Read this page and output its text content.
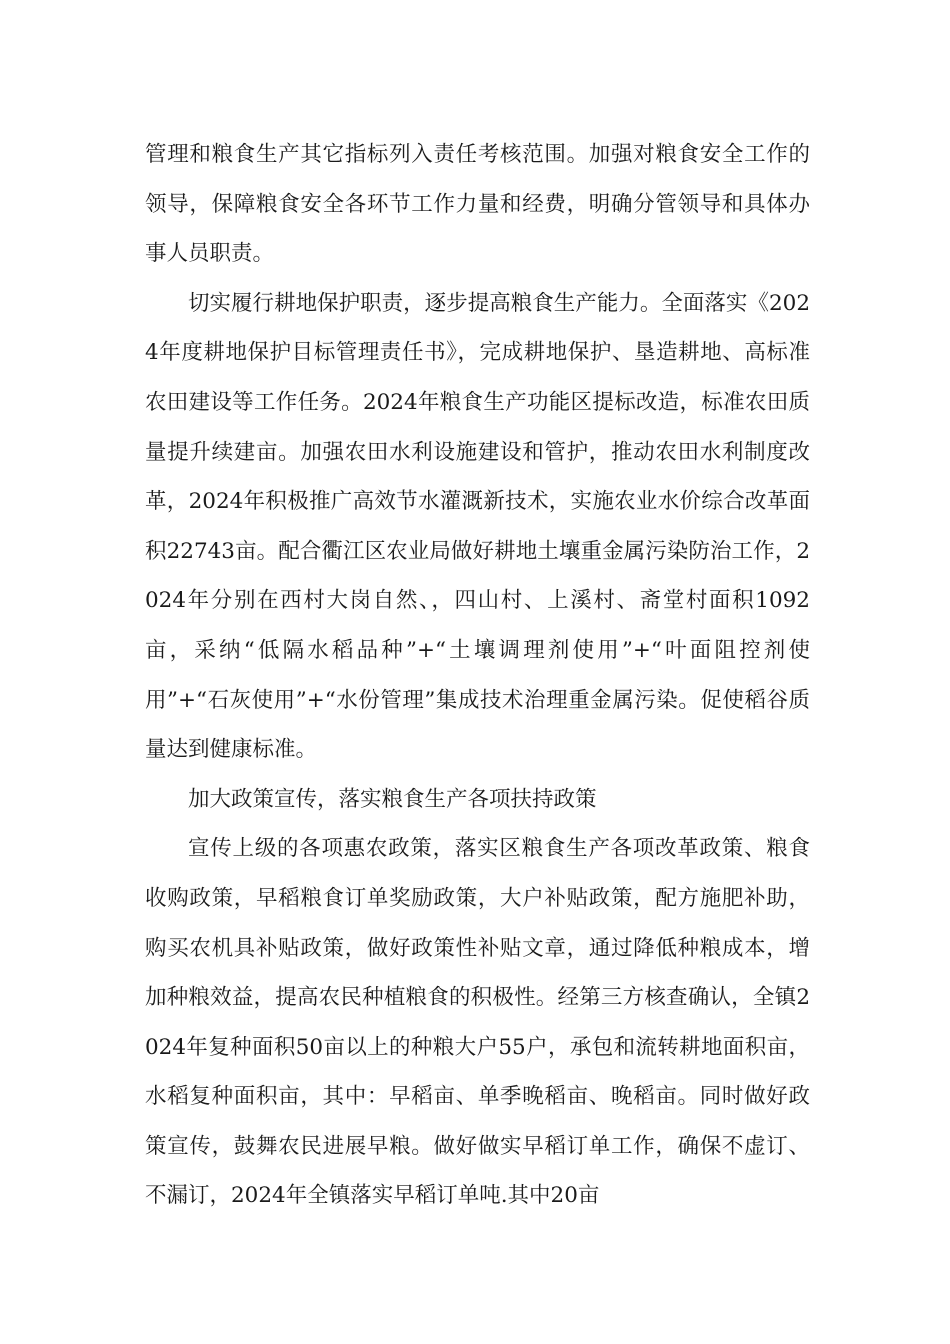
管理和粮食生产其它指标列入责任考核范围。加强对粮食安全工作的领导，保障粮食安全各环节工作力量和经费，明确分管领导和具体办事人员职责。

切实履行耕地保护职责，逐步提高粮食生产能力。全面落实《2024年度耕地保护目标管理责任书》，完成耕地保护、垦造耕地、高标准农田建设等工作任务。2024年粮食生产功能区提标改造，标准农田质量提升续建亩。加强农田水利设施建设和管护，推动农田水利制度改革，2024年积极推广高效节水灌溉新技术，实施农业水价综合改革面积22743亩。配合衢江区农业局做好耕地土壤重金属污染防治工作，2024年分别在西村大岗自然、，四山村、上溪村、斋堂村面积1092亩，采纳“低隔水稻品种”+“土壤调理剂使用”+“叶面阻控剂使用”+“石灰使用”+“水份管理”集成技术治理重金属污染。促使稻谷质量达到健康标准。

加大政策宣传，落实粮食生产各项扶持政策

宣传上级的各项惠农政策，落实区粮食生产各项改革政策、粮食收购政策，早稻粮食订单奖励政策，大户补贴政策，配方施肥补助，购买农机具补贴政策，做好政策性补贴文章，通过降低种粮成本，增加种粮效益，提高农民种植粮食的积极性。经第三方核查确认，全镇2024年复种面积50亩以上的种粮大户55户，承包和流转耕地面积亩，水稻复种面积亩，其中：早稻亩、单季晚稻亩、晚稻亩。同时做好政策宣传，鼓舞农民进展早粮。做好做实早稻订单工作，确保不虚订、不漏订，2024年全镇落实早稻订单吨.其中20亩
